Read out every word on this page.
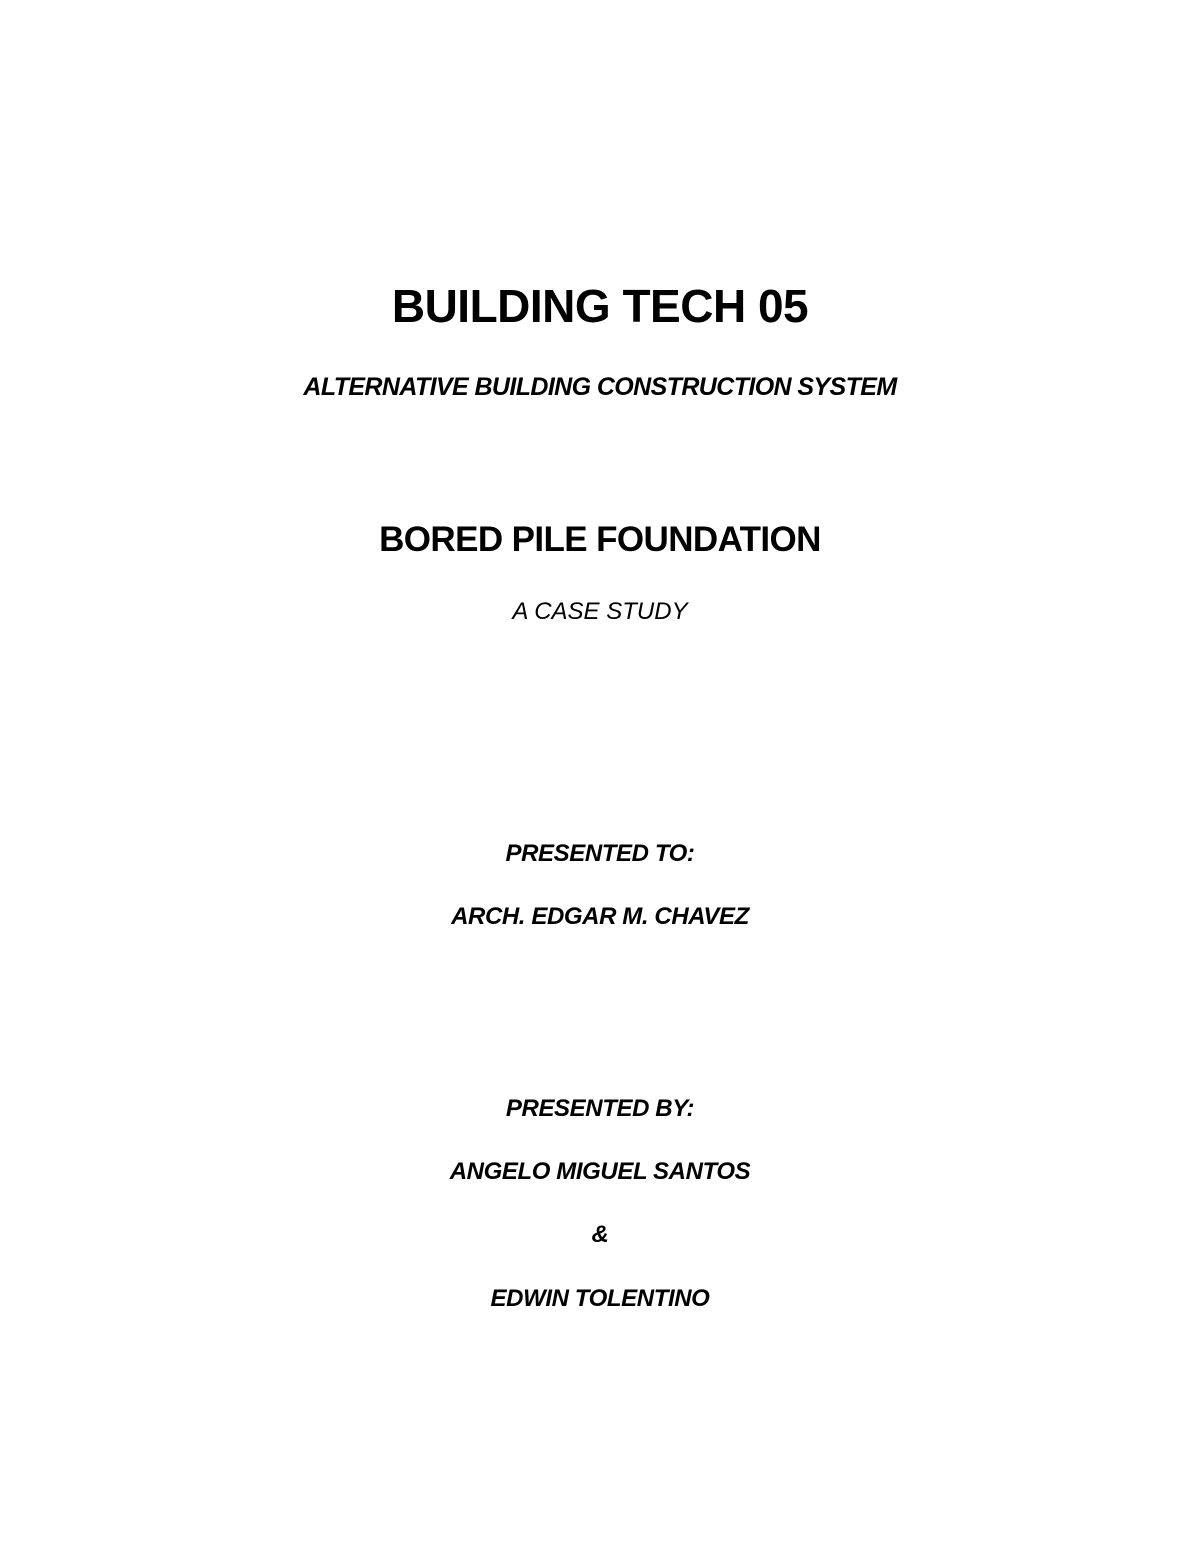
BUILDING TECH 05
ALTERNATIVE BUILDING CONSTRUCTION SYSTEM
BORED PILE FOUNDATION
A CASE STUDY
PRESENTED TO:
ARCH. EDGAR M. CHAVEZ
PRESENTED BY:
ANGELO MIGUEL SANTOS
&
EDWIN TOLENTINO
